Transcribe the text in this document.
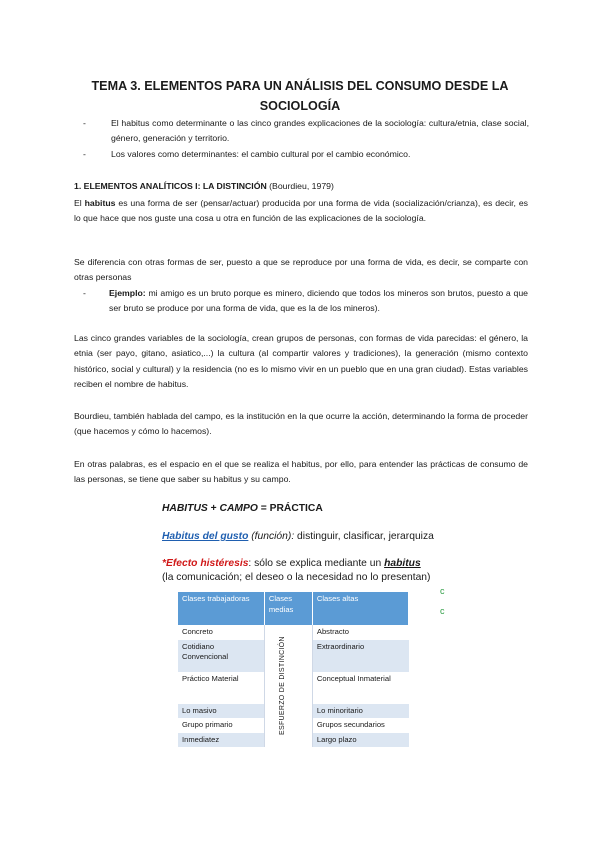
TEMA 3. ELEMENTOS PARA UN ANÁLISIS DEL CONSUMO DESDE LA SOCIOLOGÍA
-	El habitus como determinante o las cinco grandes explicaciones de la sociología: cultura/etnia, clase social, género, generación y territorio.
-	Los valores como determinantes: el cambio cultural por el cambio económico.

1. ELEMENTOS ANALÍTICOS I: LA DISTINCIÓN (Bourdieu, 1979)

El habitus es una forma de ser (pensar/actuar) producida por una forma de vida (socialización/crianza), es decir, es lo que hace que nos guste una cosa u otra en función de las explicaciones de la sociología.

Se diferencia con otras formas de ser, puesto a que se reproduce por una forma de vida, es decir, se comparte con otras personas

-	Ejemplo: mi amigo es un bruto porque es minero, diciendo que todos los mineros son brutos, puesto a que ser bruto se produce por una forma de vida, que es la de los mineros).

Las cinco grandes variables de la sociología, crean grupos de personas, con formas de vida parecidas: el género, la etnia (ser payo, gitano, asiatico,...) la cultura (al compartir valores y tradiciones), la generación (mismo contexto histórico, social y cultural) y la residencia (no es lo mismo vivir en un pueblo que en una gran ciudad). Estas variables reciben el nombre de habitus.

Bourdieu, también hablada del campo, es la institución en la que ocurre la acción, determinando la forma de proceder (que hacemos y cómo lo hacemos).

En otras palabras, es el espacio en el que se realiza el habitus, por ello, para entender las prácticas de consumo de las personas, se tiene que saber su habitus y su campo.

HABITUS + CAMPO = PRÁCTICA
Habitus del gusto (función): distinguir, clasificar, jerarquiza
*Efecto histéresis: sólo se explica mediante un habitus
(la comunicación; el deseo o la necesidad no lo presentan)
c
c
Clases trabajadoras	Clases medias	Clases altas
Concreto	ESFUERZO DE DISTINCIÓN	Abstracto
Cotidiano Convencional		Extraordinario
Práctico Material		Conceptual Inmaterial
Lo masivo		Lo minoritario
Grupo primario		Grupos secundarios
Inmediatez		Largo plazo
